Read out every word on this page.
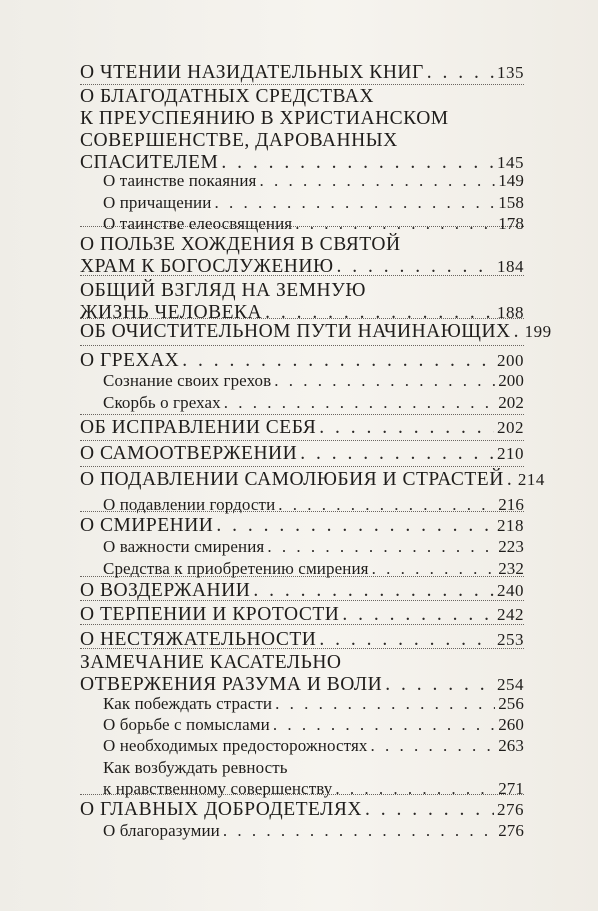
О ЧТЕНИИ НАЗИДАТЕЛЬНЫХ КНИГ . . .	135
О БЛАГОДАТНЫХ СРЕДСТВАХ
К ПРЕУСПЕЯНИЮ В ХРИСТИАНСКОМ
СОВЕРШЕНСТВЕ, ДАРОВАННЫХ
СПАСИТЕЛЕМ . . .	145
О таинстве покаяния . . .	149
О причащении . . .	158
О таинстве елеосвящения . . .	178
О ПОЛЬЗЕ ХОЖДЕНИЯ В СВЯТОЙ
ХРАМ К БОГОСЛУЖЕНИЮ . . .	184
ОБЩИЙ ВЗГЛЯД НА ЗЕМНУЮ
ЖИЗНЬ ЧЕЛОВЕКА . . .	188
ОБ ОЧИСТИТЕЛЬНОМ ПУТИ НАЧИНАЮЩИХ . . . 199
О ГРЕХАХ . . .	200
Сознание своих грехов . . .	200
Скорбь о грехах . . .	202
ОБ ИСПРАВЛЕНИИ СЕБЯ . . .	202
О САМООТВЕРЖЕНИИ . . .	210
О ПОДАВЛЕНИИ САМОЛЮБИЯ И СТРАСТЕЙ . . . 214
О подавлении гордости . . .	216
О СМИРЕНИИ . . .	218
О важности смирения . . .	223
Средства к приобретению смирения . . .	232
О ВОЗДЕРЖАНИИ . . .	240
О ТЕРПЕНИИ И КРОТОСТИ . . .	242
О НЕСТЯЖАТЕЛЬНОСТИ . . .	253
ЗАМЕЧАНИЕ КАСАТЕЛЬНО
ОТВЕРЖЕНИЯ РАЗУМА И ВОЛИ . . .	254
Как побеждать страсти . . .	256
О борьбе с помыслами . . .	260
О необходимых предосторожностях . . .	263
Как возбуждать ревность
к нравственному совершенству . . .	271
О ГЛАВНЫХ ДОБРОДЕТЕЛЯХ . . .	276
О благоразумии . . .	276
